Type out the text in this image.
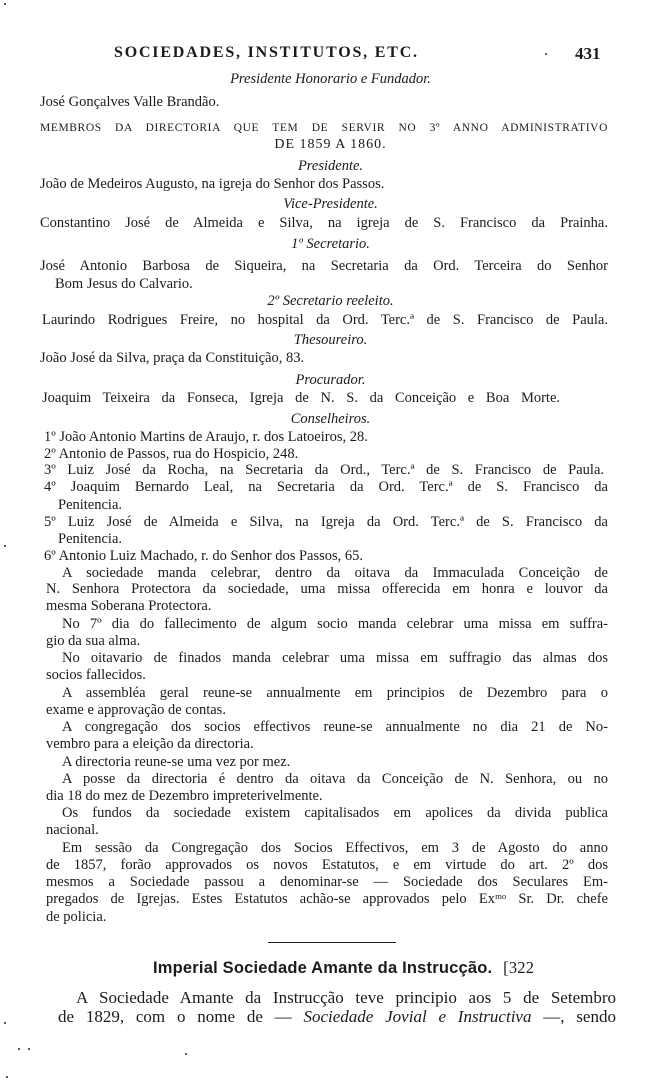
SOCIEDADES, INSTITUTOS, ETC.	431
Presidente Honorario e Fundador.
José Gonçalves Valle Brandão.
MEMBROS DA DIRECTORIA QUE TEM DE SERVIR NO 3º ANNO ADMINISTRATIVO
DE 1859 A 1860.
Presidente.
João de Medeiros Augusto, na igreja do Senhor dos Passos.
Vice-Presidente.
Constantino José de Almeida e Silva, na igreja de S. Francisco da Prainha.
1º Secretario.
José Antonio Barbosa de Siqueira, na Secretaria da Ord. Terceira do Senhor
Bom Jesus do Calvario.
2º Secretario reeleito.
Laurindo Rodrigues Freire, no hospital da Ord. Terc.ª de S. Francisco de Paula.
Thesoureiro.
João José da Silva, praça da Constituição, 83.
Procurador.
Joaquim Teixeira da Fonseca, Igreja de N. S. da Conceição e Boa Morte.
Conselheiros.
1º João Antonio Martins de Araujo, r. dos Latoeiros, 28.
2º Antonio de Passos, rua do Hospicio, 248.
3º Luiz José da Rocha, na Secretaria da Ord., Terc.ª de S. Francisco de Paula.
4º Joaquim Bernardo Leal, na Secretaria da Ord. Terc.ª de S. Francisco da
Penitencia.
5º Luiz José de Almeida e Silva, na Igreja da Ord. Terc.ª de S. Francisco da
Penitencia.
6º Antonio Luiz Machado, r. do Senhor dos Passos, 65.
A sociedade manda celebrar, dentro da oitava da Immaculada Conceição de
N. Senhora Protectora da sociedade, uma missa offerecida em honra e louvor da
mesma Soberana Protectora.
No 7º dia do fallecimento de algum socio manda celebrar uma missa em suffra-
gio da sua alma.
No oitavario de finados manda celebrar uma missa em suffragio das almas dos
socios fallecidos.
A assembléa geral reune-se annualmente em principios de Dezembro para o
exame e approvação de contas.
A congregação dos socios effectivos reune-se annualmente no dia 21 de No-
vembro para a eleição da directoria.
A directoria reune-se uma vez por mez.
A posse da directoria é dentro da oitava da Conceição de N. Senhora, ou no
dia 18 do mez de Dezembro impreterivelmente.
Os fundos da sociedade existem capitalisados em apolices da divida publica
nacional.
Em sessão da Congregação dos Socios Effectivos, em 3 de Agosto do anno
de 1857, forão approvados os novos Estatutos, e em virtude do art. 2º dos
mesmos a Sociedade passou a denominar-se — Sociedade dos Seculares Em-
pregados de Igrejas. Estes Estatutos achão-se approvados pelo Exᵐᵒ Sr. Dr. chefe
de policia.
Imperial Sociedade Amante da Instrucção. [322
A Sociedade Amante da Instrucção teve principio aos 5 de Setembro
de 1829, com o nome de — Sociedade Jovial e Instructiva —, sendo
